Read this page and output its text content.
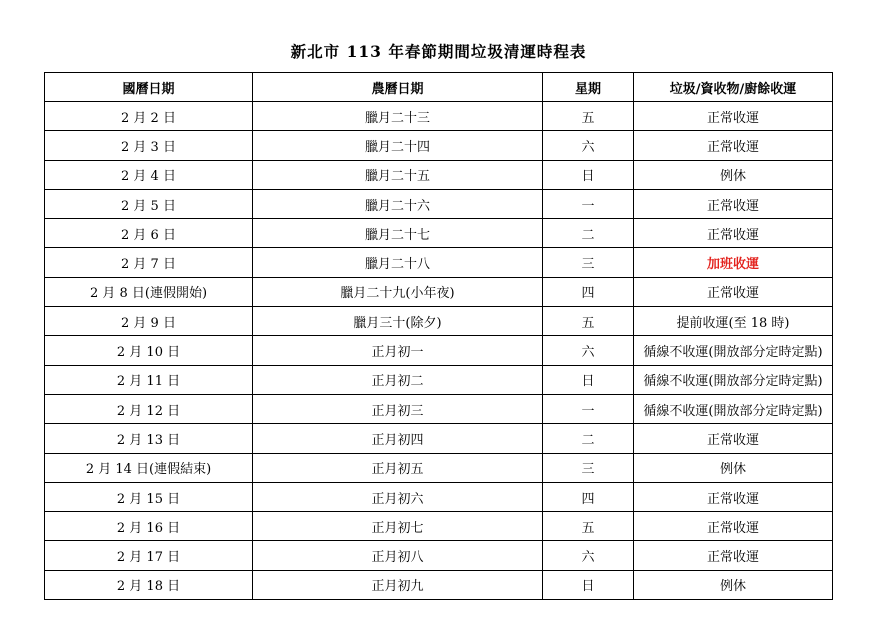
新北市 113 年春節期間垃圾清運時程表
國曆日期	農曆日期	星期	垃圾/資收物/廚餘收運
2 月 2 日	臘月二十三	五	正常收運
2 月 3 日	臘月二十四	六	正常收運
2 月 4 日	臘月二十五	日	例休
2 月 5 日	臘月二十六	一	正常收運
2 月 6 日	臘月二十七	二	正常收運
2 月 7 日	臘月二十八	三	加班收運
2 月 8 日(連假開始)	臘月二十九(小年夜)	四	正常收運
2 月 9 日	臘月三十(除夕)	五	提前收運(至 18 時)
2 月 10 日	正月初一	六	循線不收運(開放部分定時定點)
2 月 11 日	正月初二	日	循線不收運(開放部分定時定點)
2 月 12 日	正月初三	一	循線不收運(開放部分定時定點)
2 月 13 日	正月初四	二	正常收運
2 月 14 日(連假結束)	正月初五	三	例休
2 月 15 日	正月初六	四	正常收運
2 月 16 日	正月初七	五	正常收運
2 月 17 日	正月初八	六	正常收運
2 月 18 日	正月初九	日	例休
